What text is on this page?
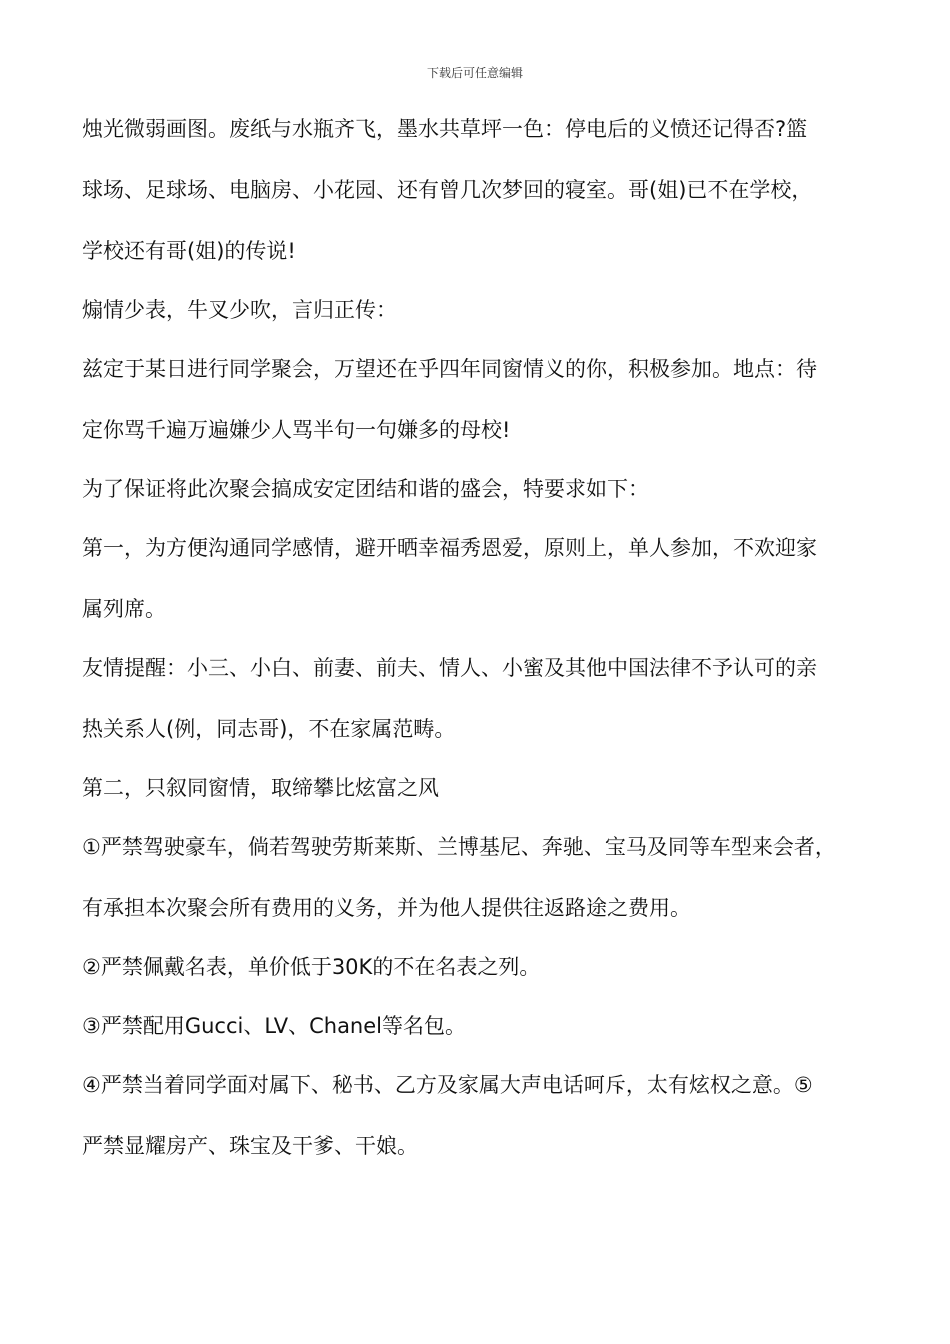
下载后可任意编辑
烛光微弱画图。废纸与水瓶齐飞，墨水共草坪一色：停电后的义愤还记得否?篮
球场、足球场、电脑房、小花园、还有曾几次梦回的寝室。哥(姐)已不在学校，
学校还有哥(姐)的传说!
煽情少表，牛叉少吹，言归正传：
兹定于某日进行同学聚会，万望还在乎四年同窗情义的你，积极参加。地点：待
定你骂千遍万遍嫌少人骂半句一句嫌多的母校!
为了保证将此次聚会搞成安定团结和谐的盛会，特要求如下：
第一，为方便沟通同学感情，避开晒幸福秀恩爱，原则上，单人参加，不欢迎家
属列席。
友情提醒：小三、小白、前妻、前夫、情人、小蜜及其他中国法律不予认可的亲
热关系人(例，同志哥)，不在家属范畴。
第二，只叙同窗情，取缔攀比炫富之风
①严禁驾驶豪车，倘若驾驶劳斯莱斯、兰博基尼、奔驰、宝马及同等车型来会者，
有承担本次聚会所有费用的义务，并为他人提供往返路途之费用。
②严禁佩戴名表，单价低于30K的不在名表之列。
③严禁配用Gucci、LV、Chanel等名包。
④严禁当着同学面对属下、秘书、乙方及家属大声电话呵斥，太有炫权之意。⑤
严禁显耀房产、珠宝及干爹、干娘。
